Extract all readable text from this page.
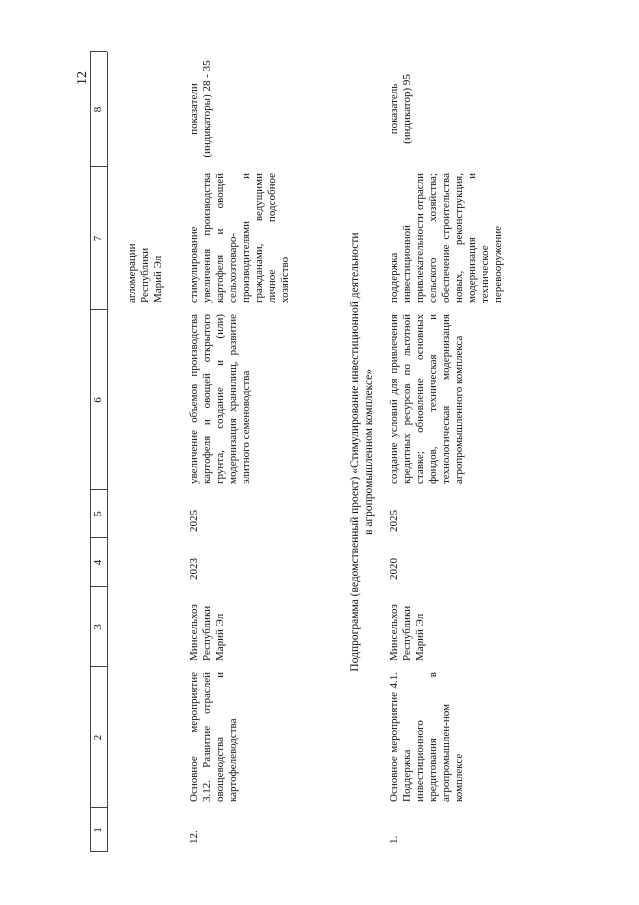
12
1
2
3
4
5
6
7
8
агломерации
Республики
Марий Эл
12.
Основное мероприятие 3.12. Развитие отраслей овощеводства и картофелеводства
Минсельхоз
Республики
Марий Эл
2023
2025
увеличение объемов производства картофеля и овощей открытого грунта, создание и (или) модернизация хранилищ, развитие элитного семеноводства
стимулирование увеличения производства картофеля и овощей сельхозтоваро-производителями и гражданами, ведущими личное подсобное хозяйство
показатели
(индикаторы) 28 - 35
Подпрограмма (ведомственный проект) «Стимулирование инвестиционной деятельности
в агропромышленном комплексе»
1.
Основное мероприятие 4.1. Поддержка инвестиционного кредитования в агропромышлен-ном комплексе
Минсельхоз
Республики
Марий Эл
2020
2025
создание условий для привлечения кредитных ресурсов по льготной ставке; обновление основных фондов, техническая и технологическая модернизация агропромышленного комплекса
поддержка инвестиционной привлекательности отрасли сельского хозяйства; обеспечение строительства новых, реконструкция, модернизация и техническое перевооружение
показатель
(индикатор) 95
